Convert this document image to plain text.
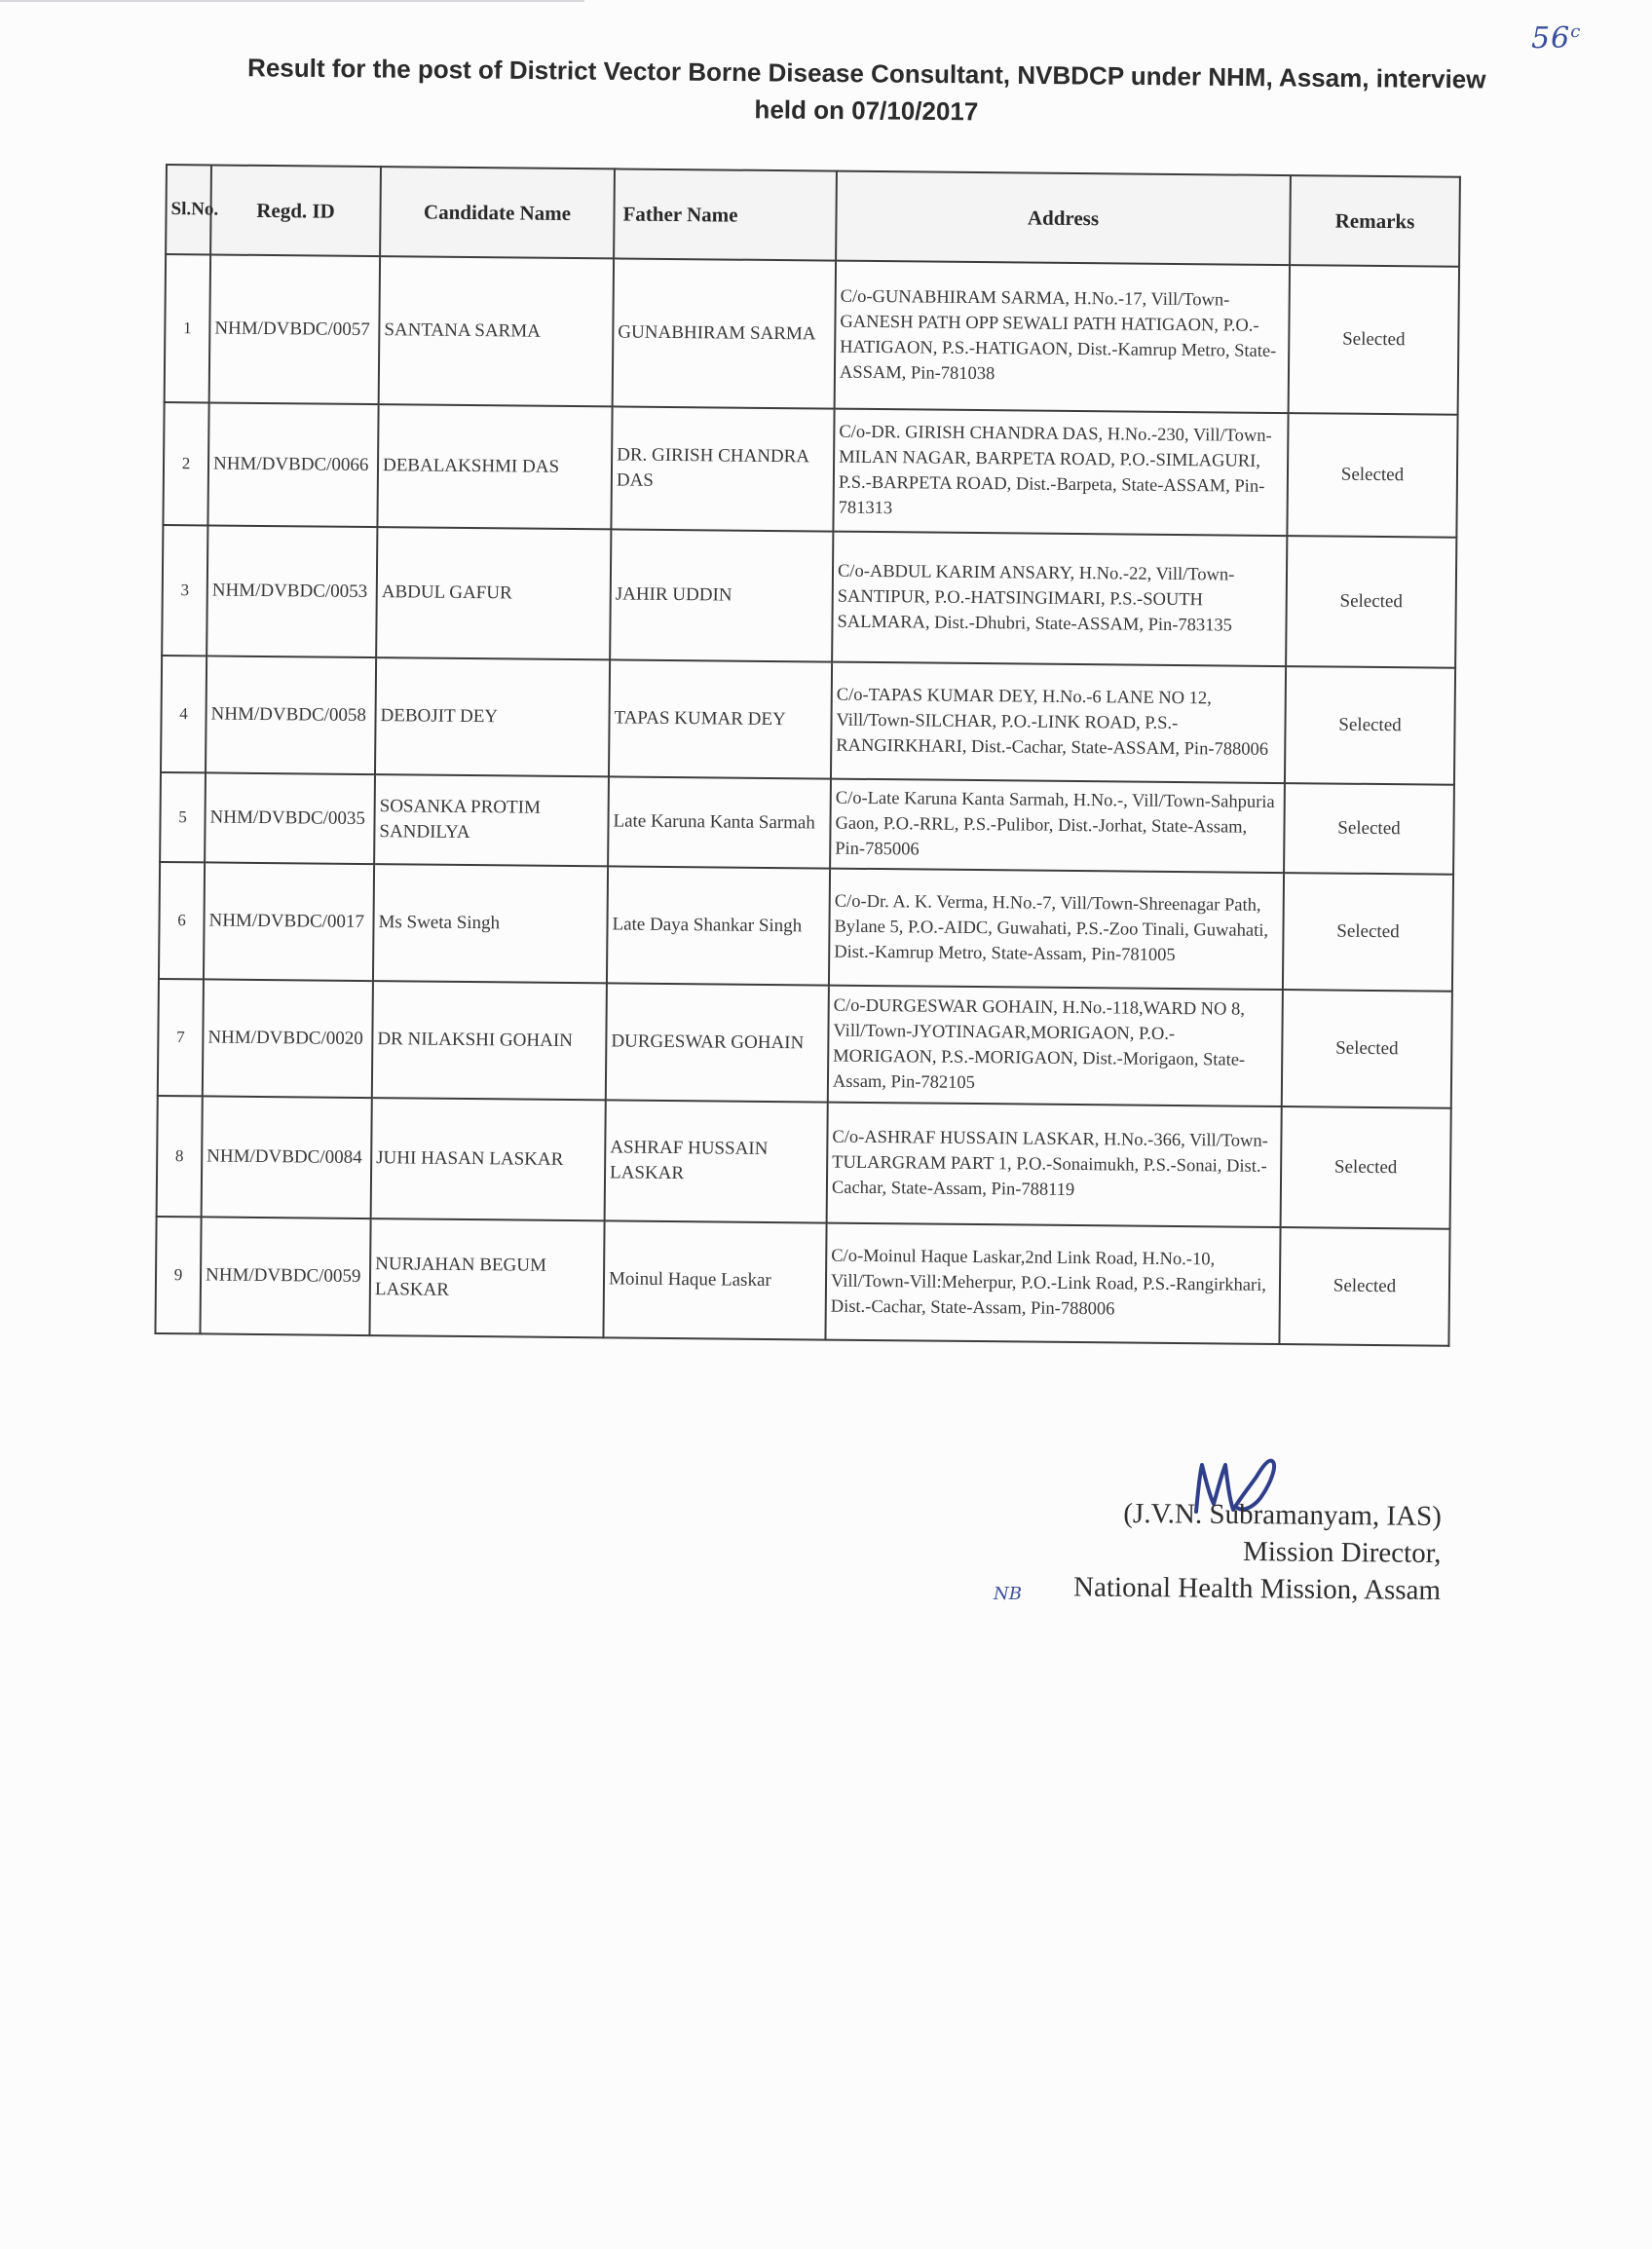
56$^c$
Result for the post of District Vector Borne Disease Consultant, NVBDCP under NHM, Assam, interview
held on 07/10/2017
Sl.No.	Regd. ID	Candidate Name	Father Name	Address	Remarks
1	NHM/DVBDC/0057	SANTANA SARMA	GUNABHIRAM SARMA	C/o-GUNABHIRAM SARMA, H.No.-17, Vill/Town-GANESH PATH OPP SEWALI PATH HATIGAON, P.O.-HATIGAON, P.S.-HATIGAON, Dist.-Kamrup Metro, State-ASSAM, Pin-781038	Selected
2	NHM/DVBDC/0066	DEBALAKSHMI DAS	DR. GIRISH CHANDRA DAS	C/o-DR. GIRISH CHANDRA DAS, H.No.-230, Vill/Town-MILAN NAGAR, BARPETA ROAD, P.O.-SIMLAGURI, P.S.-BARPETA ROAD, Dist.-Barpeta, State-ASSAM, Pin-781313	Selected
3	NHM/DVBDC/0053	ABDUL GAFUR	JAHIR UDDIN	C/o-ABDUL KARIM ANSARY, H.No.-22, Vill/Town-SANTIPUR, P.O.-HATSINGIMARI, P.S.-SOUTH SALMARA, Dist.-Dhubri, State-ASSAM, Pin-783135	Selected
4	NHM/DVBDC/0058	DEBOJIT DEY	TAPAS KUMAR DEY	C/o-TAPAS KUMAR DEY, H.No.-6 LANE NO 12, Vill/Town-SILCHAR, P.O.-LINK ROAD, P.S.-RANGIRKHARI, Dist.-Cachar, State-ASSAM, Pin-788006	Selected
5	NHM/DVBDC/0035	SOSANKA PROTIM SANDILYA	Late Karuna Kanta Sarmah	C/o-Late Karuna Kanta Sarmah, H.No.-, Vill/Town-Sahpuria Gaon, P.O.-RRL, P.S.-Pulibor, Dist.-Jorhat, State-Assam, Pin-785006	Selected
6	NHM/DVBDC/0017	Ms Sweta Singh	Late Daya Shankar Singh	C/o-Dr. A. K. Verma, H.No.-7, Vill/Town-Shreenagar Path, Bylane 5, P.O.-AIDC, Guwahati, P.S.-Zoo Tinali, Guwahati, Dist.-Kamrup Metro, State-Assam, Pin-781005	Selected
7	NHM/DVBDC/0020	DR NILAKSHI GOHAIN	DURGESWAR GOHAIN	C/o-DURGESWAR GOHAIN, H.No.-118,WARD NO 8, Vill/Town-JYOTINAGAR,MORIGAON, P.O.-MORIGAON, P.S.-MORIGAON, Dist.-Morigaon, State-Assam, Pin-782105	Selected
8	NHM/DVBDC/0084	JUHI HASAN LASKAR	ASHRAF HUSSAIN LASKAR	C/o-ASHRAF HUSSAIN LASKAR, H.No.-366, Vill/Town-TULARGRAM PART 1, P.O.-Sonaimukh, P.S.-Sonai, Dist.-Cachar, State-Assam, Pin-788119	Selected
9	NHM/DVBDC/0059	NURJAHAN BEGUM LASKAR	Moinul Haque Laskar	C/o-Moinul Haque Laskar,2nd Link Road, H.No.-10, Vill/Town-Vill:Meherpur, P.O.-Link Road, P.S.-Rangirkhari, Dist.-Cachar, State-Assam, Pin-788006	Selected
(J.V.N. Subramanyam, IAS)
Mission Director,
National Health Mission, Assam
NB
